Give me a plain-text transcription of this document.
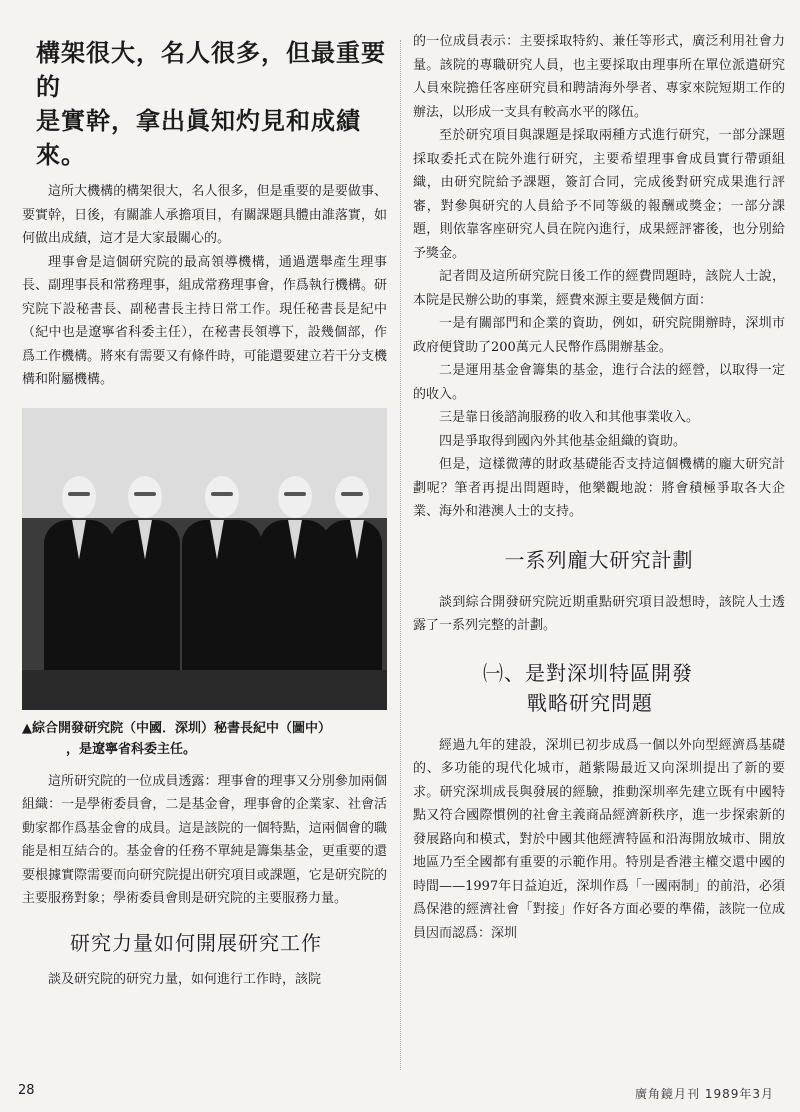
構架很大，名人很多，但最重要的
是實幹，拿出眞知灼見和成績來。

這所大機構的構架很大，名人很多，但是重要的是要做事、要實幹，日後，有關誰人承擔項目，有關課題具體由誰落實，如何做出成績，這才是大家最關心的。

理事會是這個研究院的最高領導機構，通過選舉產生理事長、副理事長和常務理事，組成常務理事會，作爲執行機構。研究院下設秘書長、副秘書長主持日常工作。現任秘書長是紀中（紀中也是遼寧省科委主任），在秘書長領導下，設幾個部，作爲工作機構。將來有需要又有條件時，可能還要建立若干分支機構和附屬機構。

▲綜合開發研究院（中國．深圳）秘書長紀中（圖中）
，是遼寧省科委主任。

這所研究院的一位成員透露：理事會的理事又分別參加兩個組織：一是學術委員會，二是基金會，理事會的企業家、社會活動家都作爲基金會的成員。這是該院的一個特點，這兩個會的職能是相互結合的。基金會的任務不單純是籌集基金，更重要的還要根據實際需要而向研究院提出研究項目或課題，它是研究院的主要服務對象；學術委員會則是研究院的主要服務力量。

研究力量如何開展研究工作

談及研究院的研究力量，如何進行工作時，該院

的一位成員表示：主要採取特約、兼任等形式，廣泛利用社會力量。該院的專職研究人員，也主要採取由理事所在單位派遣研究人員來院擔任客座研究員和聘請海外學者、專家來院短期工作的辦法，以形成一支具有較高水平的隊伍。

至於研究項目與課題是採取兩種方式進行研究，一部分課題採取委托式在院外進行研究，主要希望理事會成員實行帶頭組織，由研究院給予課題，簽訂合同，完成後對研究成果進行評審，對參與研究的人員給予不同等級的報酬或獎金；一部分課題，則依靠客座研究人員在院內進行，成果經評審後，也分別給予獎金。

記者問及這所研究院日後工作的經費問題時，該院人士說，本院是民辦公助的事業，經費來源主要是幾個方面：

一是有關部門和企業的資助，例如，研究院開辦時，深圳市政府便貸助了200萬元人民幣作爲開辦基金。

二是運用基金會籌集的基金，進行合法的經營，以取得一定的收入。

三是靠日後諮詢服務的收入和其他事業收入。

四是爭取得到國內外其他基金組織的資助。

但是，這樣微薄的財政基礎能否支持這個機構的龐大研究計劃呢？筆者再提出問題時，他樂觀地說：將會積極爭取各大企業、海外和港澳人士的支持。

一系列龐大研究計劃

談到綜合開發研究院近期重點研究項目設想時，該院人士透露了一系列完整的計劃。

㈠、是對深圳特區開發
戰略研究問題

經過九年的建設，深圳已初步成爲一個以外向型經濟爲基礎的、多功能的現代化城市，趙紫陽最近又向深圳提出了新的要求。研究深圳成長與發展的經驗，推動深圳率先建立既有中國特點又符合國際慣例的社會主義商品經濟新秩序，進一步探索新的發展路向和模式，對於中國其他經濟特區和沿海開放城市、開放地區乃至全國都有重要的示範作用。特別是香港主權交還中國的時間——1997年日益迫近，深圳作爲「一國兩制」的前沿，必須爲保港的經濟社會「對接」作好各方面必要的準備，該院一位成員因而認爲：深圳

28	廣角鏡月刊 1989年3月
